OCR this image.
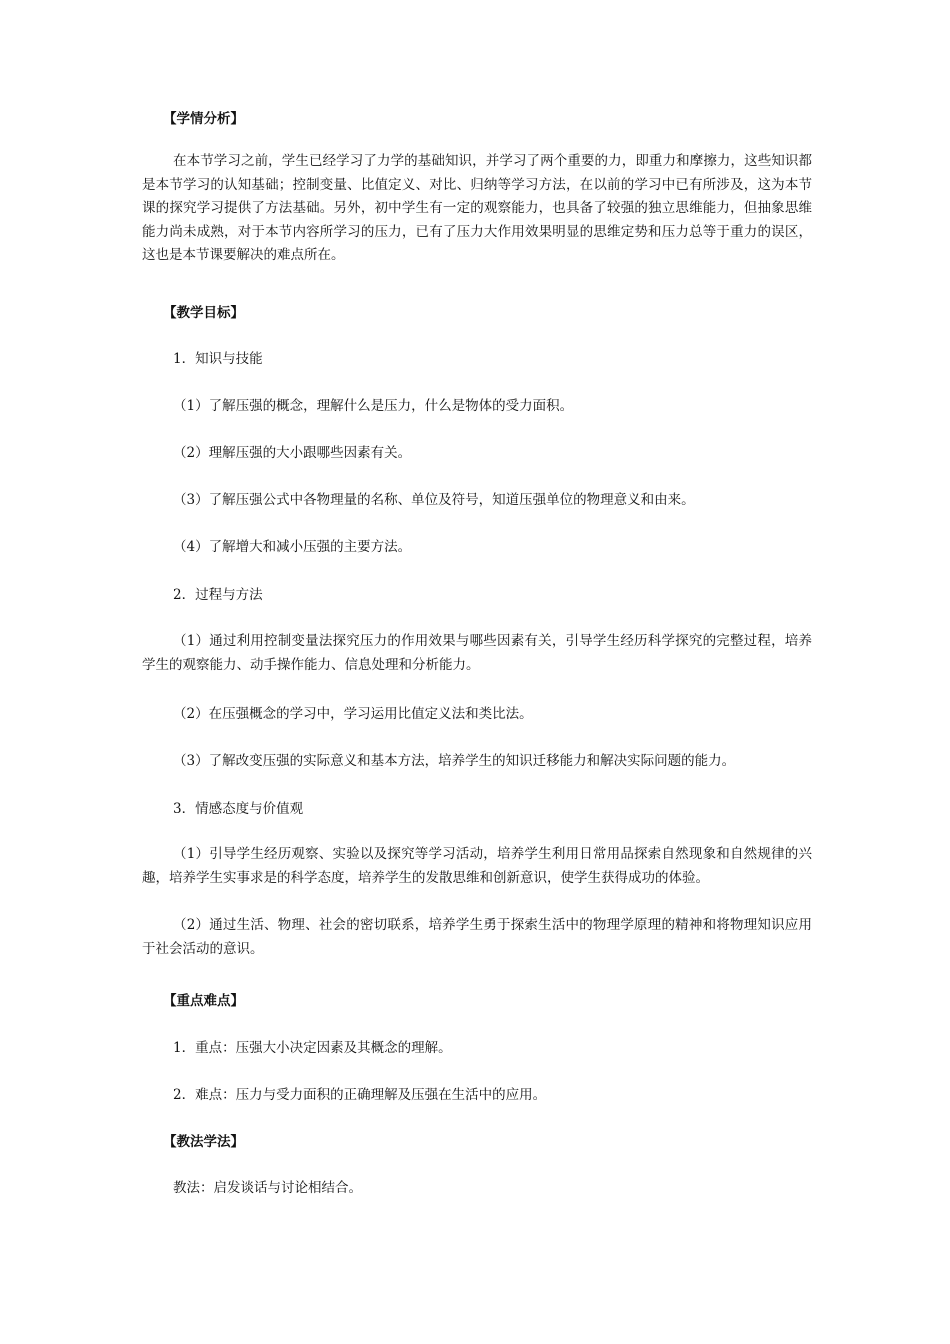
【学情分析】

在本节学习之前，学生已经学习了力学的基础知识，并学习了两个重要的力，即重力和摩擦力，这些知识都是本节学习的认知基础；控制变量、比值定义、对比、归纳等学习方法，在以前的学习中已有所涉及，这为本节课的探究学习提供了方法基础。另外，初中学生有一定的观察能力，也具备了较强的独立思维能力，但抽象思维能力尚未成熟，对于本节内容所学习的压力，已有了压力大作用效果明显的思维定势和压力总等于重力的误区，这也是本节课要解决的难点所在。

【教学目标】
1．知识与技能
（1）了解压强的概念，理解什么是压力，什么是物体的受力面积。
（2）理解压强的大小跟哪些因素有关。
（3）了解压强公式中各物理量的名称、单位及符号，知道压强单位的物理意义和由来。
（4）了解增大和减小压强的主要方法。
2．过程与方法

（1）通过利用控制变量法探究压力的作用效果与哪些因素有关，引导学生经历科学探究的完整过程，培养学生的观察能力、动手操作能力、信息处理和分析能力。

（2）在压强概念的学习中，学习运用比值定义法和类比法。
（3）了解改变压强的实际意义和基本方法，培养学生的知识迁移能力和解决实际问题的能力。
3．情感态度与价值观

（1）引导学生经历观察、实验以及探究等学习活动，培养学生利用日常用品探索自然现象和自然规律的兴趣，培养学生实事求是的科学态度，培养学生的发散思维和创新意识，使学生获得成功的体验。

（2）通过生活、物理、社会的密切联系，培养学生勇于探索生活中的物理学原理的精神和将物理知识应用于社会活动的意识。

【重点难点】
1．重点：压强大小决定因素及其概念的理解。
2．难点：压力与受力面积的正确理解及压强在生活中的应用。
【教法学法】
教法：启发谈话与讨论相结合。
